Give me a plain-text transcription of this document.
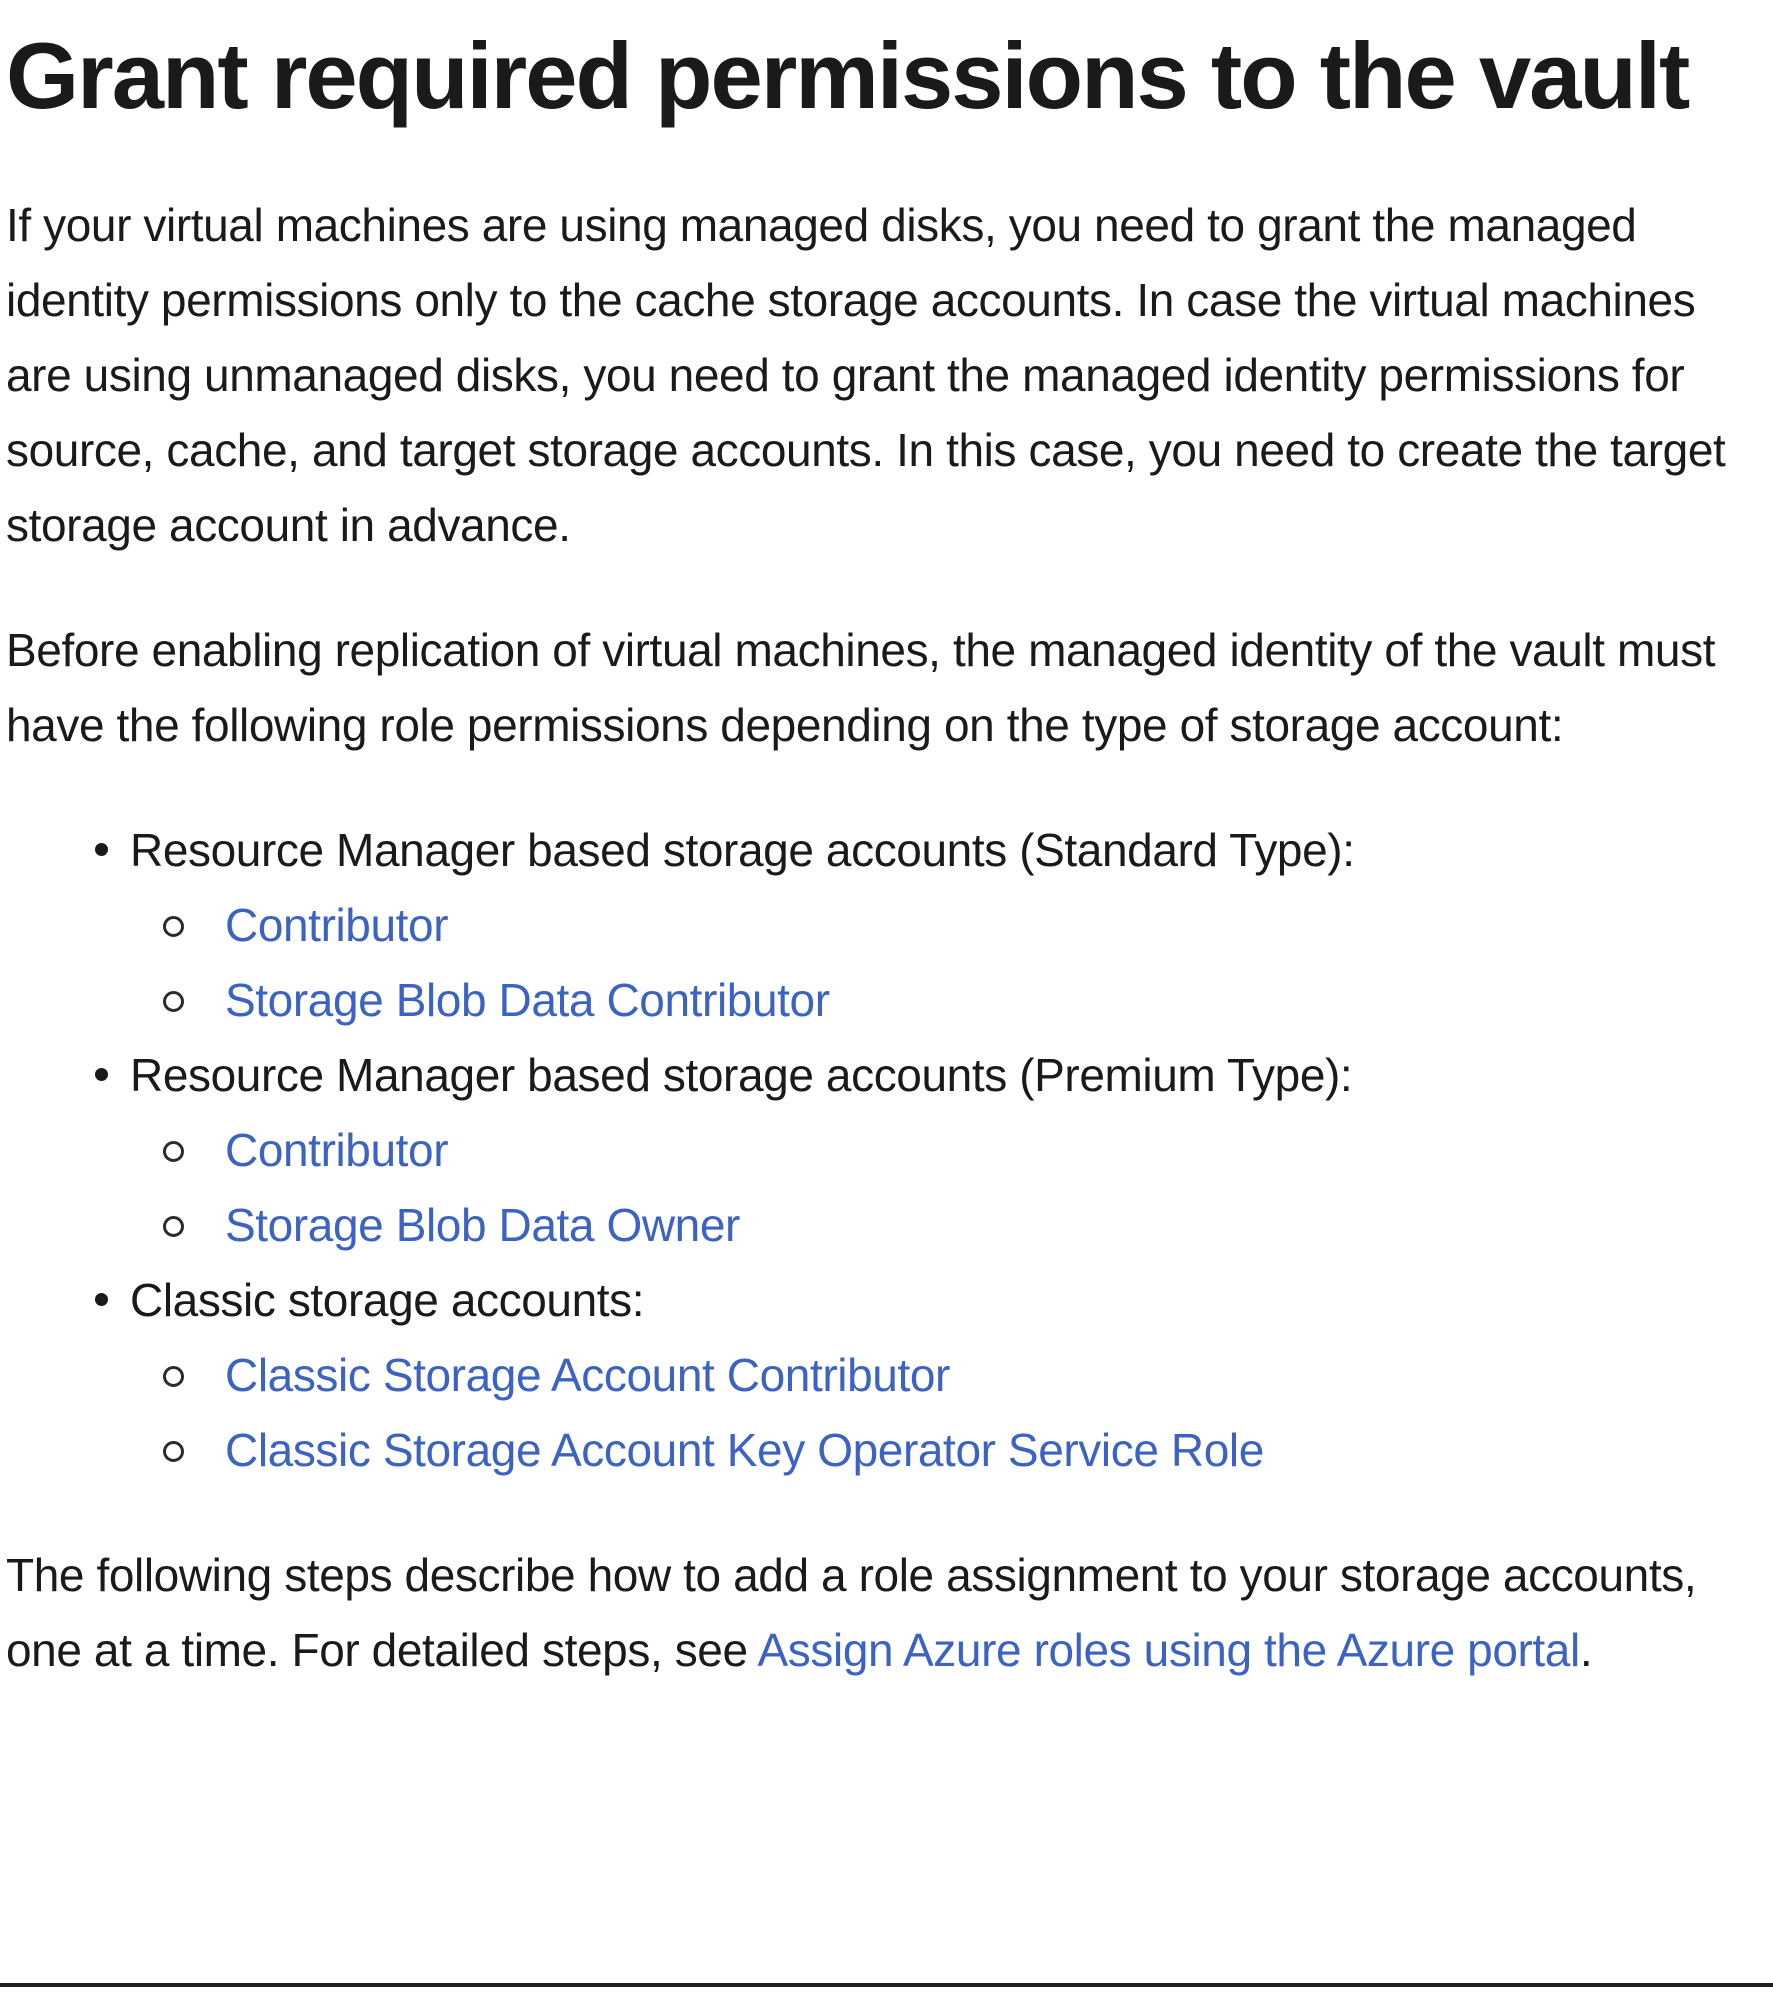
Grant required permissions to the vault

If your virtual machines are using managed disks, you need to grant the managed identity permissions only to the cache storage accounts. In case the virtual machines are using unmanaged disks, you need to grant the managed identity permissions for source, cache, and target storage accounts. In this case, you need to create the target storage account in advance.

Before enabling replication of virtual machines, the managed identity of the vault must have the following role permissions depending on the type of storage account:

Resource Manager based storage accounts (Standard Type):
Contributor
Storage Blob Data Contributor
Resource Manager based storage accounts (Premium Type):
Contributor
Storage Blob Data Owner
Classic storage accounts:
Classic Storage Account Contributor
Classic Storage Account Key Operator Service Role

The following steps describe how to add a role assignment to your storage accounts, one at a time. For detailed steps, see Assign Azure roles using the Azure portal.
